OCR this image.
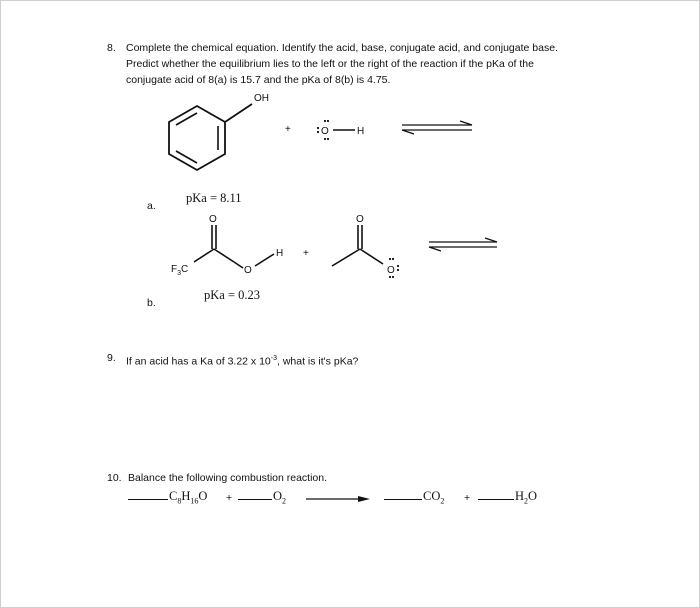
8. Complete the chemical equation. Identify the acid, base, conjugate acid, and conjugate base.
Predict whether the equilibrium lies to the left or the right of the reaction if the pKa of the
conjugate acid of 8(a) is 15.7 and the pKa of 8(b) is 4.75.
OH
+	O	H
O
$F_3C$	O
H +
O
O
a.
pKa = 8.11
b.
pKa = 0.23
9. If an acid has a Ka of 3.22 x $10^{-3}$, what is it's pKa?
10. Balance the following combustion reaction.
$C_8H_{16}O$ +	$O_2$	$CO_2$ +	$H_2O$
